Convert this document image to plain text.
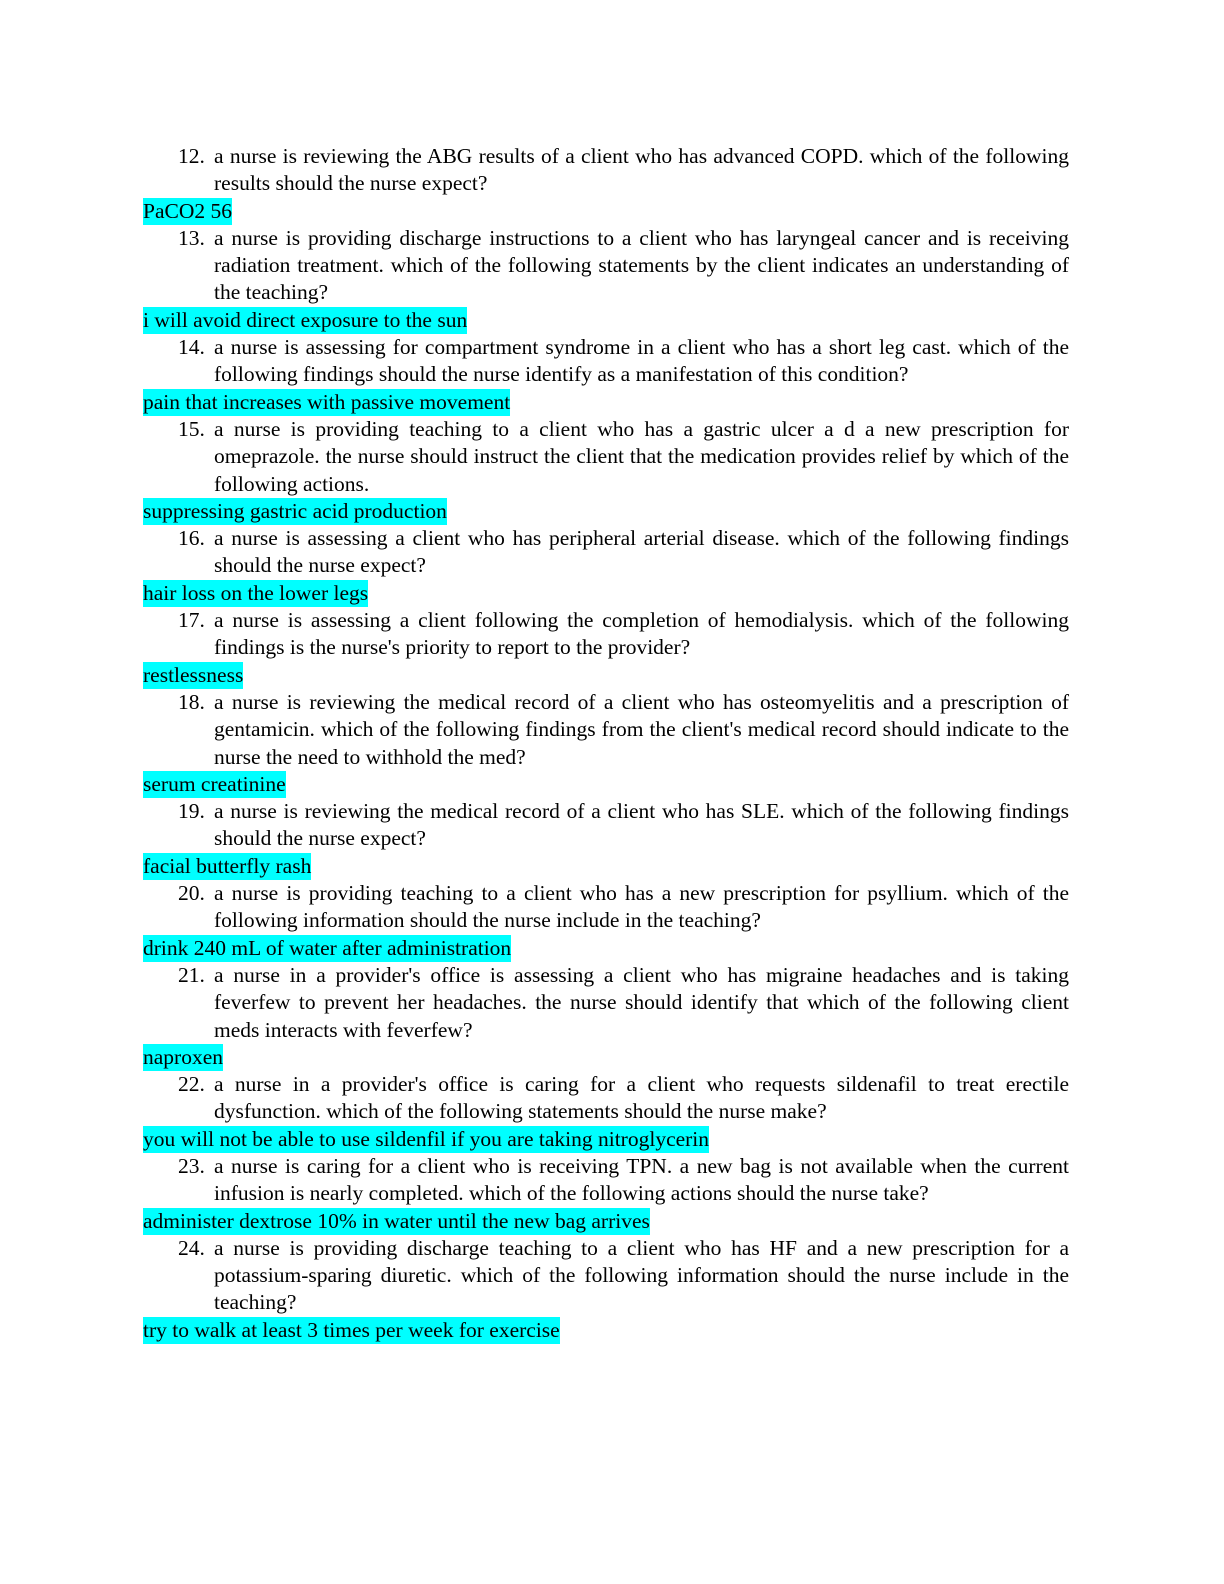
12. a nurse is reviewing the ABG results of a client who has advanced COPD. which of the following results should the nurse expect?
PaCO2 56
13. a nurse is providing discharge instructions to a client who has laryngeal cancer and is receiving radiation treatment. which of the following statements by the client indicates an understanding of the teaching?
i will avoid direct exposure to the sun
14. a nurse is assessing for compartment syndrome in a client who has a short leg cast. which of the following findings should the nurse identify as a manifestation of this condition?
pain that increases with passive movement
15. a nurse is providing teaching to a client who has a gastric ulcer a d a new prescription for omeprazole. the nurse should instruct the client that the medication provides relief by which of the following actions.
suppressing gastric acid production
16. a nurse is assessing a client who has peripheral arterial disease. which of the following findings should the nurse expect?
hair loss on the lower legs
17. a nurse is assessing a client following the completion of hemodialysis. which of the following findings is the nurse's priority to report to the provider?
restlessness
18. a nurse is reviewing the medical record of a client who has osteomyelitis and a prescription of gentamicin. which of the following findings from the client's medical record should indicate to the nurse the need to withhold the med?
serum creatinine
19. a nurse is reviewing the medical record of a client who has SLE. which of the following findings should the nurse expect?
facial butterfly rash
20. a nurse is providing teaching to a client who has a new prescription for psyllium. which of the following information should the nurse include in the teaching?
drink 240 mL of water after administration
21. a nurse in a provider's office is assessing a client who has migraine headaches and is taking feverfew to prevent her headaches. the nurse should identify that which of the following client meds interacts with feverfew?
naproxen
22. a nurse in a provider's office is caring for a client who requests sildenafil to treat erectile dysfunction. which of the following statements should the nurse make?
you will not be able to use sildenfil if you are taking nitroglycerin
23. a nurse is caring for a client who is receiving TPN. a new bag is not available when the current infusion is nearly completed. which of the following actions should the nurse take?
administer dextrose 10% in water until the new bag arrives
24. a nurse is providing discharge teaching to a client who has HF and a new prescription for a potassium-sparing diuretic. which of the following information should the nurse include in the teaching?
try to walk at least 3 times per week for exercise
